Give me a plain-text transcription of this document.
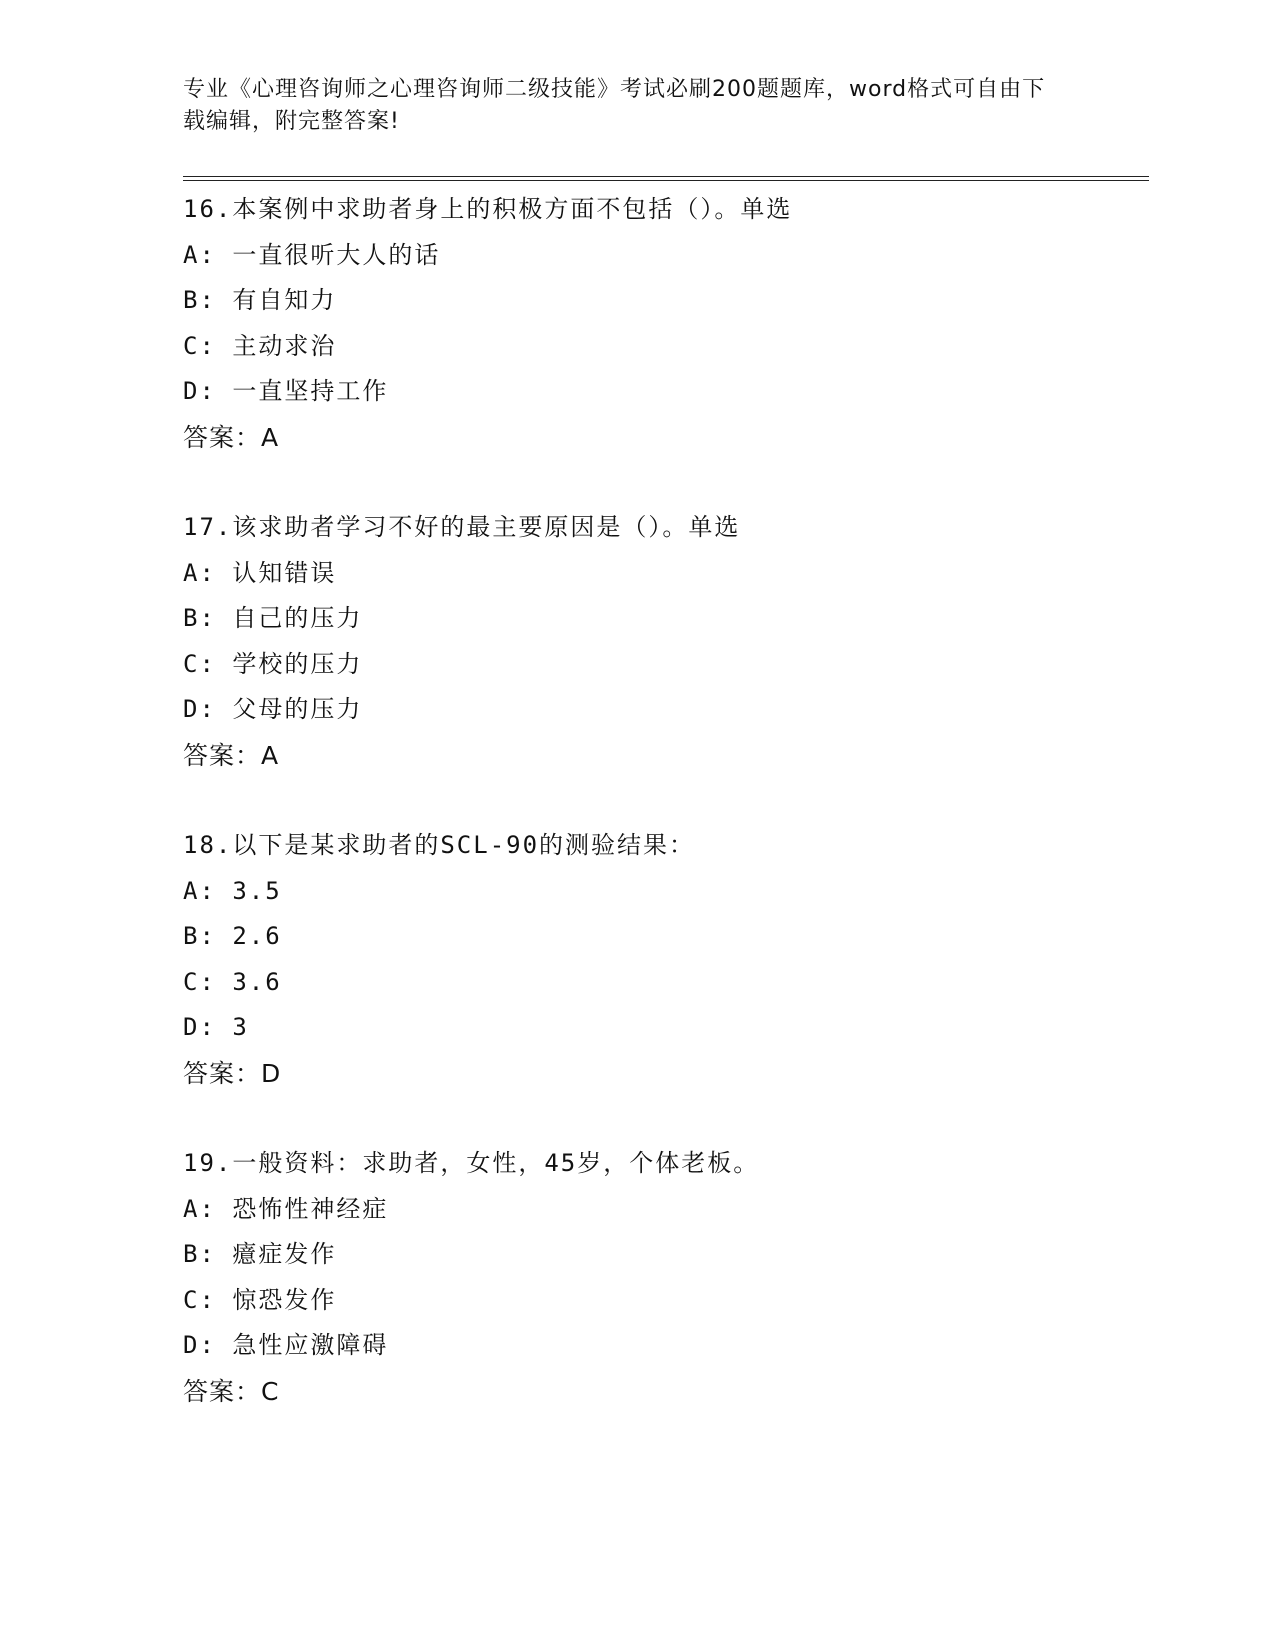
专业《心理咨询师之心理咨询师二级技能》考试必刷200题题库，word格式可自由下载编辑，附完整答案!
16.本案例中求助者身上的积极方面不包括（）。单选
A: 一直很听大人的话
B: 有自知力
C: 主动求治
D: 一直坚持工作
答案：A
17.该求助者学习不好的最主要原因是（）。单选
A: 认知错误
B: 自己的压力
C: 学校的压力
D: 父母的压力
答案：A
18.以下是某求助者的SCL-90的测验结果：
A: 3.5
B: 2.6
C: 3.6
D: 3
答案：D
19.一般资料：求助者，女性，45岁，个体老板。
A: 恐怖性神经症
B: 癔症发作
C: 惊恐发作
D: 急性应激障碍
答案：C
